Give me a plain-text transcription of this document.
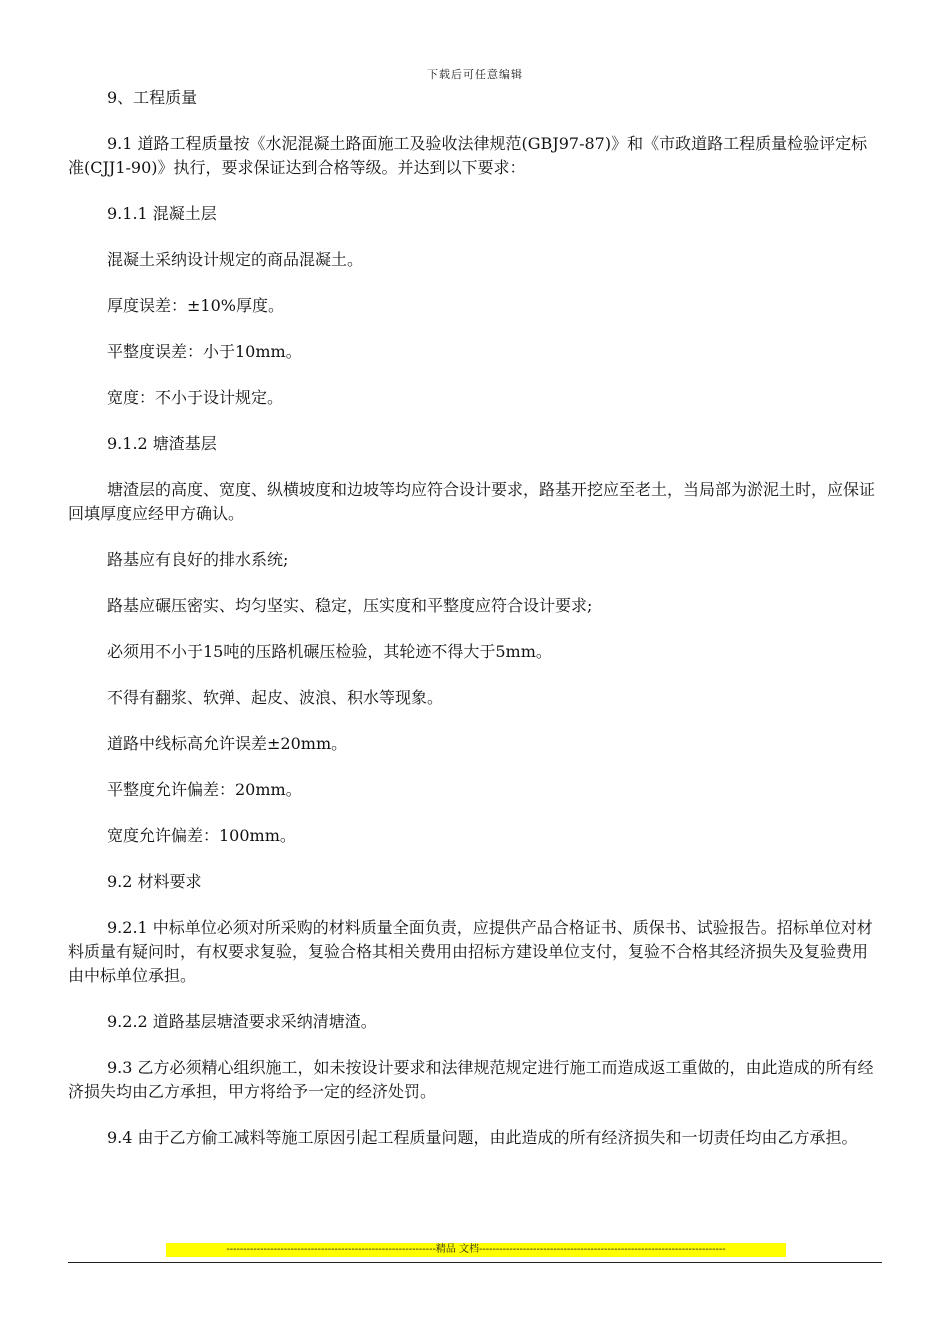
下载后可任意编辑

9、工程质量

9.1 道路工程质量按《水泥混凝土路面施工及验收法律规范(GBJ97-87)》和《市政道路工程质量检验评定标准(CJJ1-90)》执行，要求保证达到合格等级。并达到以下要求：

9.1.1 混凝土层

混凝土采纳设计规定的商品混凝土。

厚度误差：±10%厚度。

平整度误差：小于10mm。

宽度：不小于设计规定。

9.1.2 塘渣基层

塘渣层的高度、宽度、纵横坡度和边坡等均应符合设计要求，路基开挖应至老土，当局部为淤泥土时，应保证回填厚度应经甲方确认。

路基应有良好的排水系统;

路基应碾压密实、均匀坚实、稳定，压实度和平整度应符合设计要求;

必须用不小于15吨的压路机碾压检验，其轮迹不得大于5mm。

不得有翻浆、软弹、起皮、波浪、积水等现象。

道路中线标高允许误差±20mm。

平整度允许偏差：20mm。

宽度允许偏差：100mm。

9.2 材料要求

9.2.1 中标单位必须对所采购的材料质量全面负责，应提供产品合格证书、质保书、试验报告。招标单位对材料质量有疑问时，有权要求复验，复验合格其相关费用由招标方建设单位支付，复验不合格其经济损失及复验费用由中标单位承担。

9.2.2 道路基层塘渣要求采纳清塘渣。

9.3 乙方必须精心组织施工，如未按设计要求和法律规范规定进行施工而造成返工重做的，由此造成的所有经济损失均由乙方承担，甲方将给予一定的经济处罚。

9.4 由于乙方偷工减料等施工原因引起工程质量问题，由此造成的所有经济损失和一切责任均由乙方承担。

--------------------------------------------------------------精品 文档-------------------------------------------------------------------------
